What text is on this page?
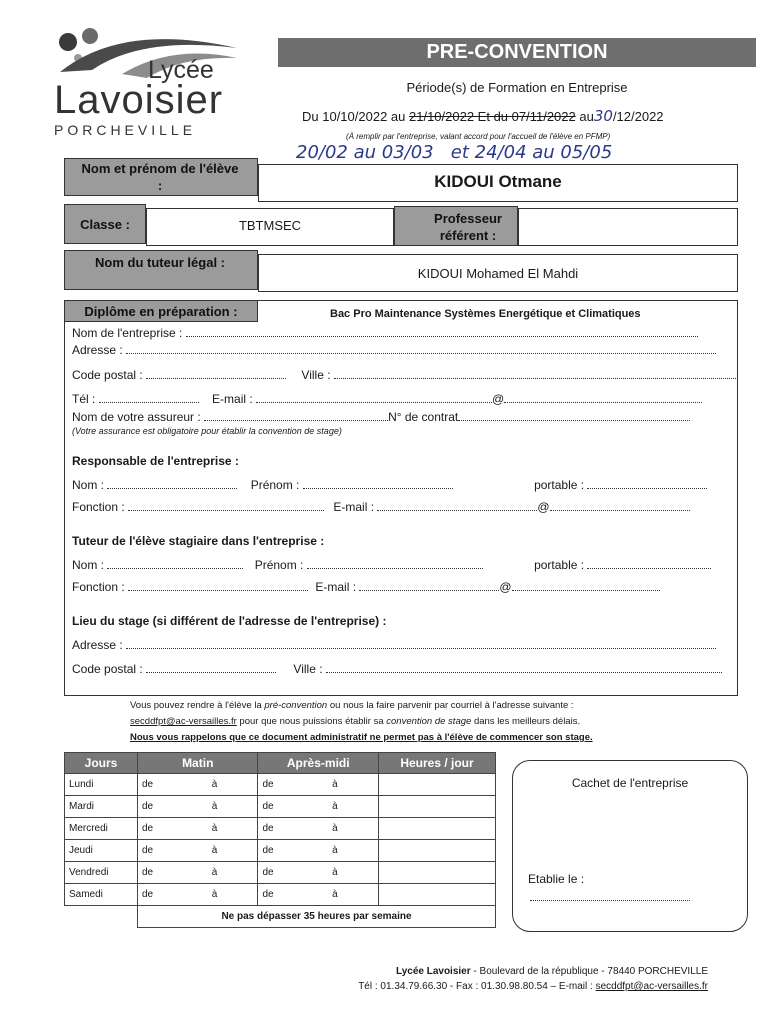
Lycée
Lavoisier
PORCHEVILLE
PRE-CONVENTION
Période(s) de Formation en Entreprise
Du 10/10/2022 au 21/10/2022 Et du 07/11/2022 au30/12/2022
(À remplir par l'entreprise, valant accord pour l'accueil de l'élève en PFMP)
20/02 au 03/03   et 24/04 au 05/05
Nom et prénom de l'élève :	KIDOUI Otmane
Classe :	TBTMSEC	Professeur référent :
Nom du tuteur légal :
KIDOUI Mohamed El Mahdi
Diplôme en préparation :	Bac Pro Maintenance Systèmes Energétique et Climatiques
Nom de l'entreprise :
Adresse :
Code postal :	Ville :
Tél :	E-mail :	@
Nom de votre assureur :	N° de contrat
(Votre assurance est obligatoire pour établir la convention de stage)
Responsable de l'entreprise :
Nom :	Prénom :	portable :
Fonction :	E-mail :	@
Tuteur de l'élève stagiaire dans l'entreprise :
Nom :	Prénom :	portable :
Fonction :	E-mail :	@
Lieu du stage (si différent de l'adresse de l'entreprise) :
Adresse :
Code postal :	Ville :
Vous pouvez rendre à l'élève la pré-convention ou nous la faire parvenir par courriel à l'adresse suivante :
secddfpt@ac-versailles.fr pour que nous puissions établir sa convention de stage dans les meilleurs délais.
Nous vous rappelons que ce document administratif ne permet pas à l'élève de commencer son stage.
Jours	Matin		Après-midi		Heures / jour
Lundi	de	à	de	à	
Mardi	de	à	de	à	
Mercredi	de	à	de	à	
Jeudi	de	à	de	à	
Vendredi	de	à	de	à	
Samedi	de	à	de	à	
	Ne pas dépasser 35 heures par semaine				
Cachet de l'entreprise
Etablie le :
Lycée Lavoisier - Boulevard de la république - 78440 PORCHEVILLE
Tél : 01.34.79.66.30 - Fax : 01.30.98.80.54 – E-mail : secddfpt@ac-versailles.fr
